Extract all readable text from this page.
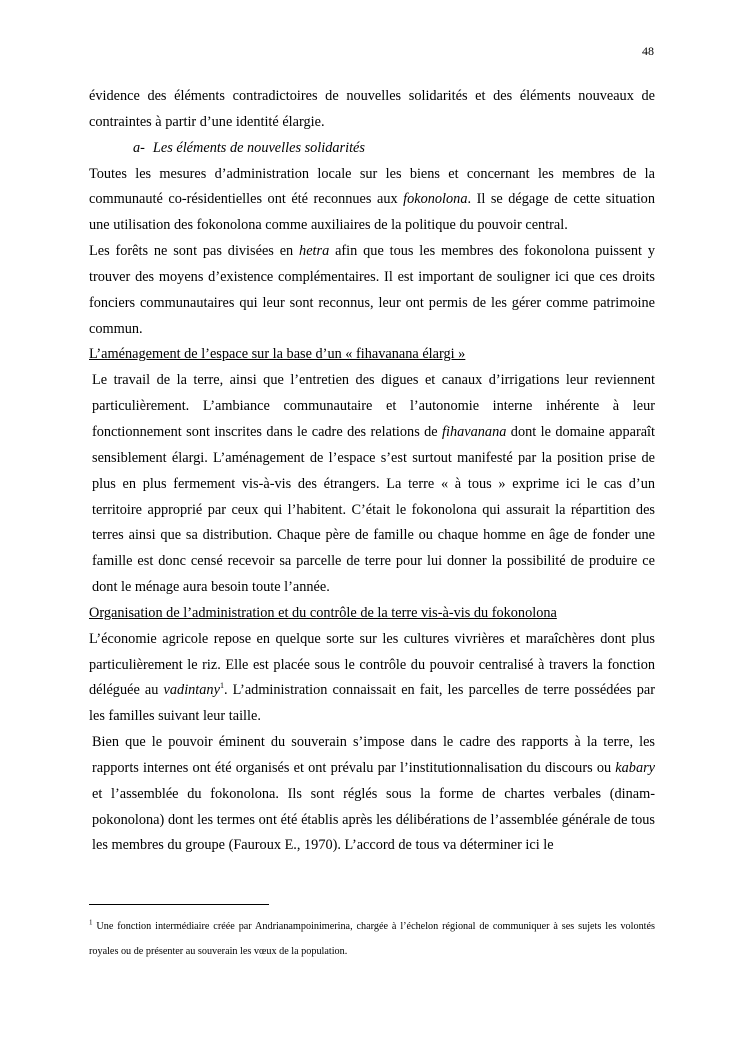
48

évidence des éléments contradictoires de nouvelles solidarités et des éléments nouveaux de contraintes à partir d’une identité élargie.

a- Les éléments de nouvelles solidarités

Toutes les mesures d’administration locale sur les biens et concernant les membres de la communauté co-résidentielles ont été reconnues aux fokonolona. Il se dégage de cette situation une utilisation des fokonolona comme auxiliaires de la politique du pouvoir central.

Les forêts ne sont pas divisées en hetra afin que tous les membres des fokonolona puissent y trouver des moyens d’existence complémentaires. Il est important de souligner ici que ces droits fonciers communautaires qui leur sont reconnus, leur ont permis de les gérer comme patrimoine commun.

L’aménagement de l’espace sur la base d’un « fihavanana élargi »

Le travail de la terre, ainsi que l’entretien des digues et canaux d’irrigations leur reviennent particulièrement. L’ambiance communautaire et l’autonomie interne inhérente à leur fonctionnement sont inscrites dans le cadre des relations de fihavanana dont le domaine apparaît sensiblement élargi. L’aménagement de l’espace s’est surtout manifesté par la position prise de plus en plus fermement vis-à-vis des étrangers. La terre « à tous » exprime ici le cas d’un territoire approprié par ceux qui l’habitent. C’était le fokonolona qui assurait la répartition des terres ainsi que sa distribution. Chaque père de famille ou chaque homme en âge de fonder une famille est donc censé recevoir sa parcelle de terre pour lui donner la possibilité de produire ce dont le ménage aura besoin toute l’année.

Organisation de l’administration et du contrôle de la terre vis-à-vis du fokonolona

L’économie agricole repose en quelque sorte sur les cultures vivrières et maraîchères dont plus particulièrement le riz. Elle est placée sous le contrôle du pouvoir centralisé à travers la fonction déléguée au vadintany$^1$. L’administration connaissait en fait, les parcelles de terre possédées par les familles suivant leur taille.

Bien que le pouvoir éminent du souverain s’impose dans le cadre des rapports à la terre, les rapports internes ont été organisés et ont prévalu par l’institutionnalisation du discours ou kabary et l’assemblée du fokonolona. Ils sont réglés sous la forme de chartes verbales (dinam-pokonolona) dont les termes ont été établis après les délibérations de l’assemblée générale de tous les membres du groupe (Fauroux E., 1970). L’accord de tous va déterminer ici le

$^1$ Une fonction intermédiaire créée par Andrianampoinimerina, chargée à l’échelon régional de communiquer à ses sujets les volontés royales ou de présenter au souverain les vœux de la population.
